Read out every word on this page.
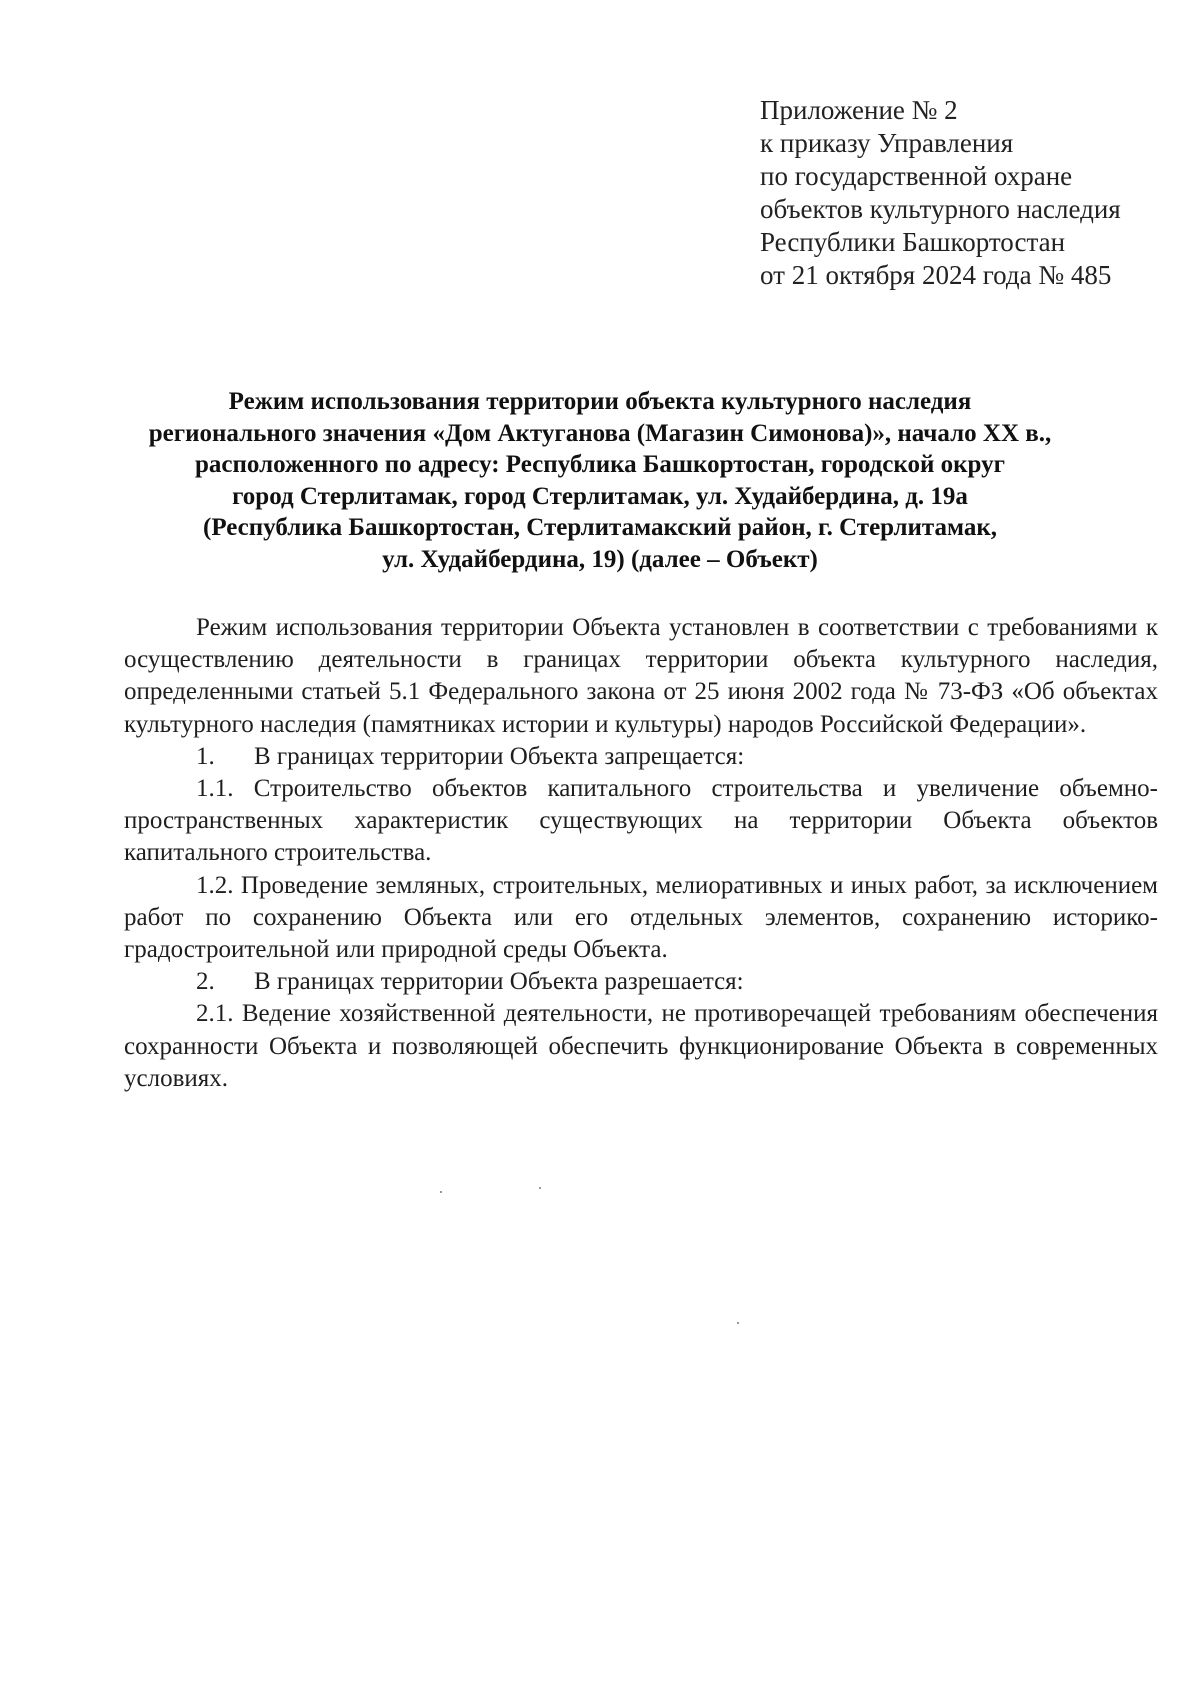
Приложение № 2
к приказу Управления
по государственной охране
объектов культурного наследия
Республики Башкортостан
от 21 октября 2024 года № 485
Режим использования территории объекта культурного наследия
регионального значения «Дом Актуганова (Магазин Симонова)», начало XX в.,
расположенного по адресу: Республика Башкортостан, городской округ
город Стерлитамак, город Стерлитамак, ул. Худайбердина, д. 19а
(Республика Башкортостан, Стерлитамакский район, г. Стерлитамак,
ул. Худайбердина, 19) (далее – Объект)

Режим использования территории Объекта установлен в соответствии с требованиями к осуществлению деятельности в границах территории объекта культурного наследия, определенными статьей 5.1 Федерального закона от 25 июня 2002 года № 73-ФЗ «Об объектах культурного наследия (памятниках истории и культуры) народов Российской Федерации».

1. В границах территории Объекта запрещается:

1.1. Строительство объектов капитального строительства и увеличение объемно-пространственных характеристик существующих на территории Объекта объектов капитального строительства.

1.2. Проведение земляных, строительных, мелиоративных и иных работ, за исключением работ по сохранению Объекта или его отдельных элементов, сохранению историко-градостроительной или природной среды Объекта.

2. В границах территории Объекта разрешается:

2.1. Ведение хозяйственной деятельности, не противоречащей требованиям обеспечения сохранности Объекта и позволяющей обеспечить функционирование Объекта в современных условиях.
